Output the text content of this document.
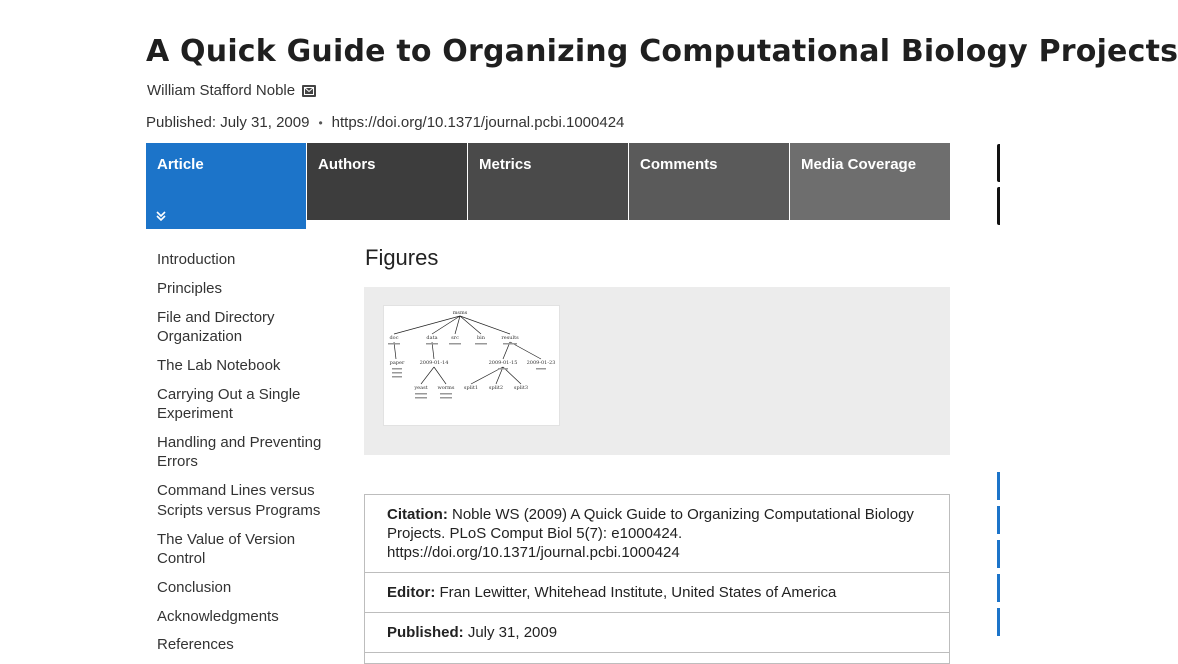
A Quick Guide to Organizing Computational Biology Projects
William Stafford Noble
Published: July 31, 2009 • https://doi.org/10.1371/journal.pcbi.1000424
Article	Authors	Metrics	Comments	Media Coverage
Introduction
Principles
File and Directory Organization
The Lab Notebook
Carrying Out a Single Experiment
Handling and Preventing Errors
Command Lines versus Scripts versus Programs
The Value of Version Control
Conclusion
Acknowledgments
References
Figures
msms
doc	data	src	bin	results
paper	2009-01-14	2009-01-15 2009-01-23
yeast worms split1 split2 split3
Citation: Noble WS (2009) A Quick Guide to Organizing Computational Biology Projects. PLoS Comput Biol 5(7): e1000424. https://doi.org/10.1371/journal.pcbi.1000424
Editor: Fran Lewitter, Whitehead Institute, United States of America
Published: July 31, 2009
